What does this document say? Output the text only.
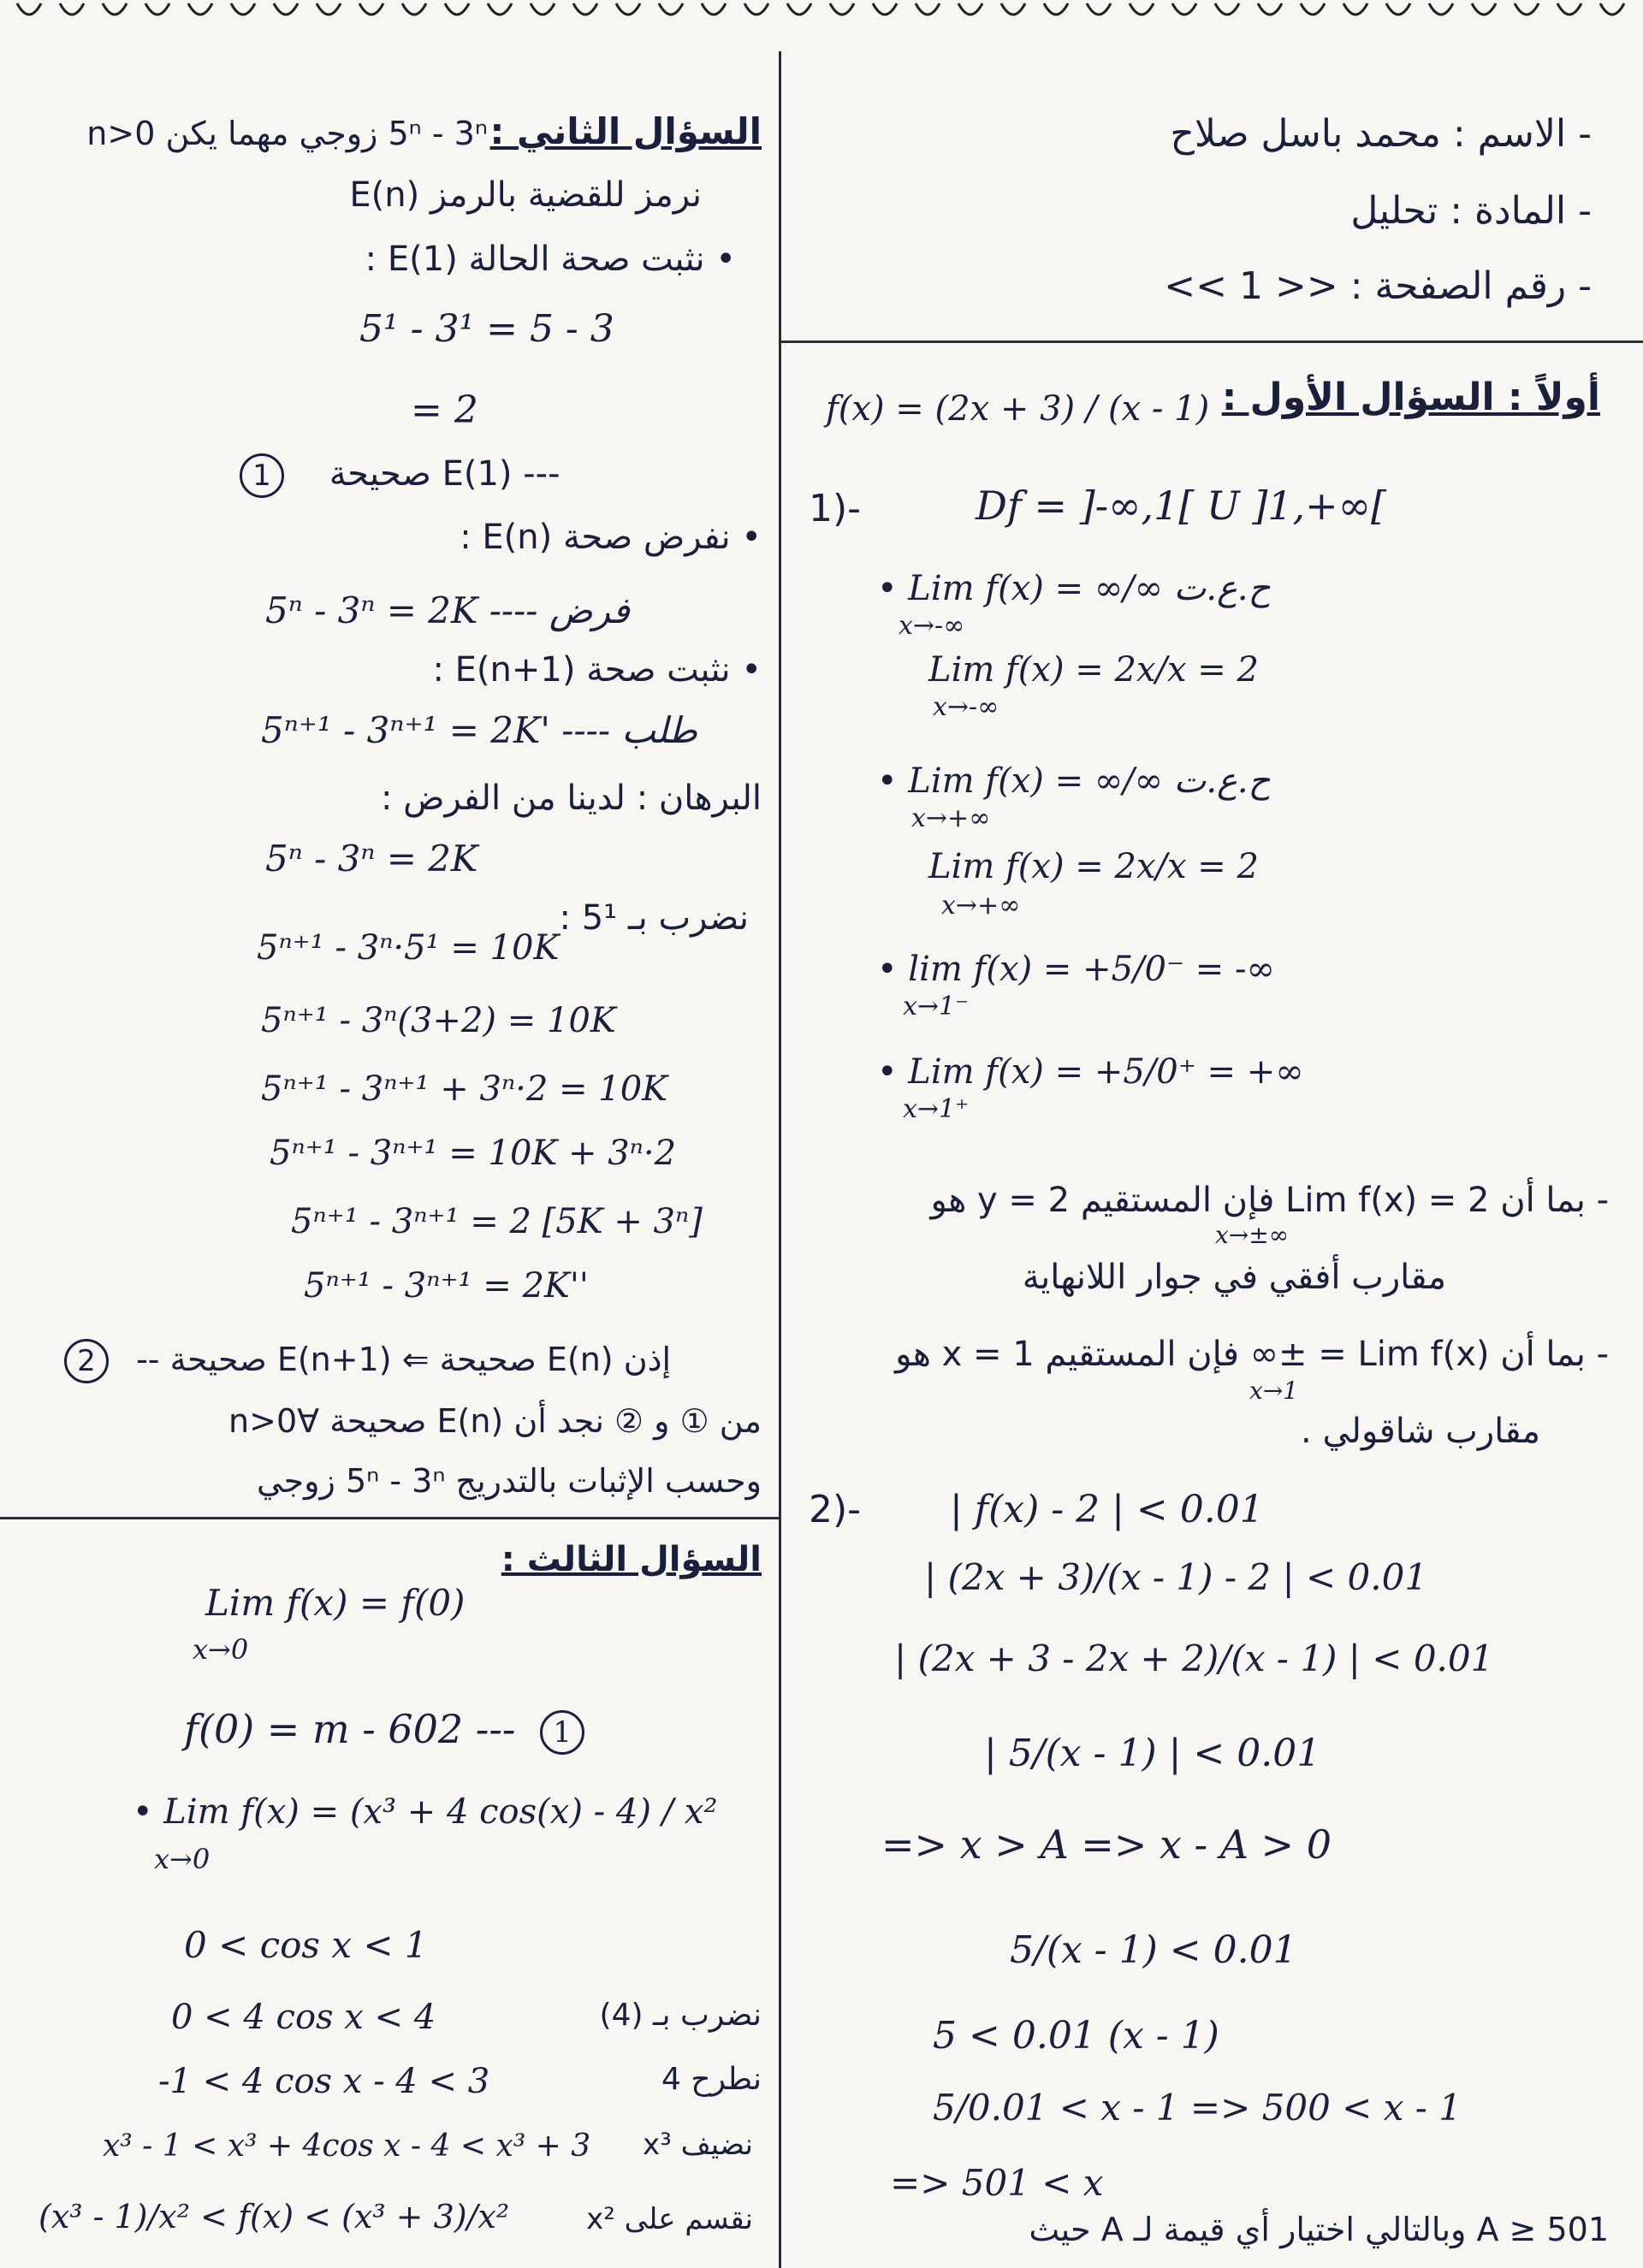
- الاسم : محمد باسل صلاح
- المادة : تحليل
- رقم الصفحة : << 1 >>
أولاً : السؤال الأول :
f(x) = (2x + 3) / (x - 1)
1)-	Df = ]-∞,1[ U ]1,+∞[
• Lim f(x) = ∞/∞ ح.ع.ت
x→-∞
Lim f(x) = 2x/x = 2
x→-∞
• Lim f(x) = ∞/∞ ح.ع.ت
x→+∞
Lim f(x) = 2x/x = 2
x→+∞
• lim f(x) = +5/0⁻ = -∞
x→1⁻
• Lim f(x) = +5/0⁺ = +∞
x→1⁺
- بما أن Lim f(x) = 2 فإن المستقيم y = 2 هو
x→±∞
مقارب أفقي في جوار اللانهاية
- بما أن Lim f(x) = ±∞ فإن المستقيم x = 1 هو
x→1
مقارب شاقولي .
2)- | f(x) - 2 | < 0.01
| (2x + 3)/(x - 1) - 2 | < 0.01
| (2x + 3 - 2x + 2)/(x - 1) | < 0.01
| 5/(x - 1) | < 0.01
=> x > A => x - A > 0
5/(x - 1) < 0.01
5 < 0.01 (x - 1)
5/0.01 < x - 1 => 500 < x - 1
=> 501 < x
A ≥ 501 وبالتالي اختيار أي قيمة لـ A حيث
السؤال الثاني :
5ⁿ - 3ⁿ زوجي مهما يكن n>0
نرمز للقضية بالرمز E(n)
• نثبت صحة الحالة E(1) :
5¹ - 3¹ = 5 - 3
= 2
1 --- E(1) صحيحة
• نفرض صحة E(n) :
5ⁿ - 3ⁿ = 2K ---- فرض
• نثبت صحة E(n+1) :
5ⁿ⁺¹ - 3ⁿ⁺¹ = 2K' ---- طلب
البرهان : لدينا من الفرض :
5ⁿ - 3ⁿ = 2K
نضرب بـ 5¹ :
5ⁿ⁺¹ - 3ⁿ·5¹ = 10K
5ⁿ⁺¹ - 3ⁿ(3+2) = 10K
5ⁿ⁺¹ - 3ⁿ⁺¹ + 3ⁿ·2 = 10K
5ⁿ⁺¹ - 3ⁿ⁺¹ = 10K + 3ⁿ·2
5ⁿ⁺¹ - 3ⁿ⁺¹ = 2 [5K + 3ⁿ]
5ⁿ⁺¹ - 3ⁿ⁺¹ = 2K''
2 إذن E(n) صحيحة ⇐ E(n+1) صحيحة --
من ① و ② نجد أن E(n) صحيحة ∀n>0
وحسب الإثبات بالتدريج 5ⁿ - 3ⁿ زوجي
السؤال الثالث :
Lim f(x) = f(0)
x→0
f(0) = m - 602 --- 1
• Lim f(x) = (x³ + 4 cos(x) - 4) / x²
x→0
0 < cos x < 1
0 < 4 cos x < 4	نضرب بـ (4)
-1 < 4 cos x - 4 < 3	نطرح 4
x³ - 1 < x³ + 4cos x - 4 < x³ + 3 نضيف x³
(x³ - 1)/x² < f(x) < (x³ + 3)/x²	نقسم على x²
